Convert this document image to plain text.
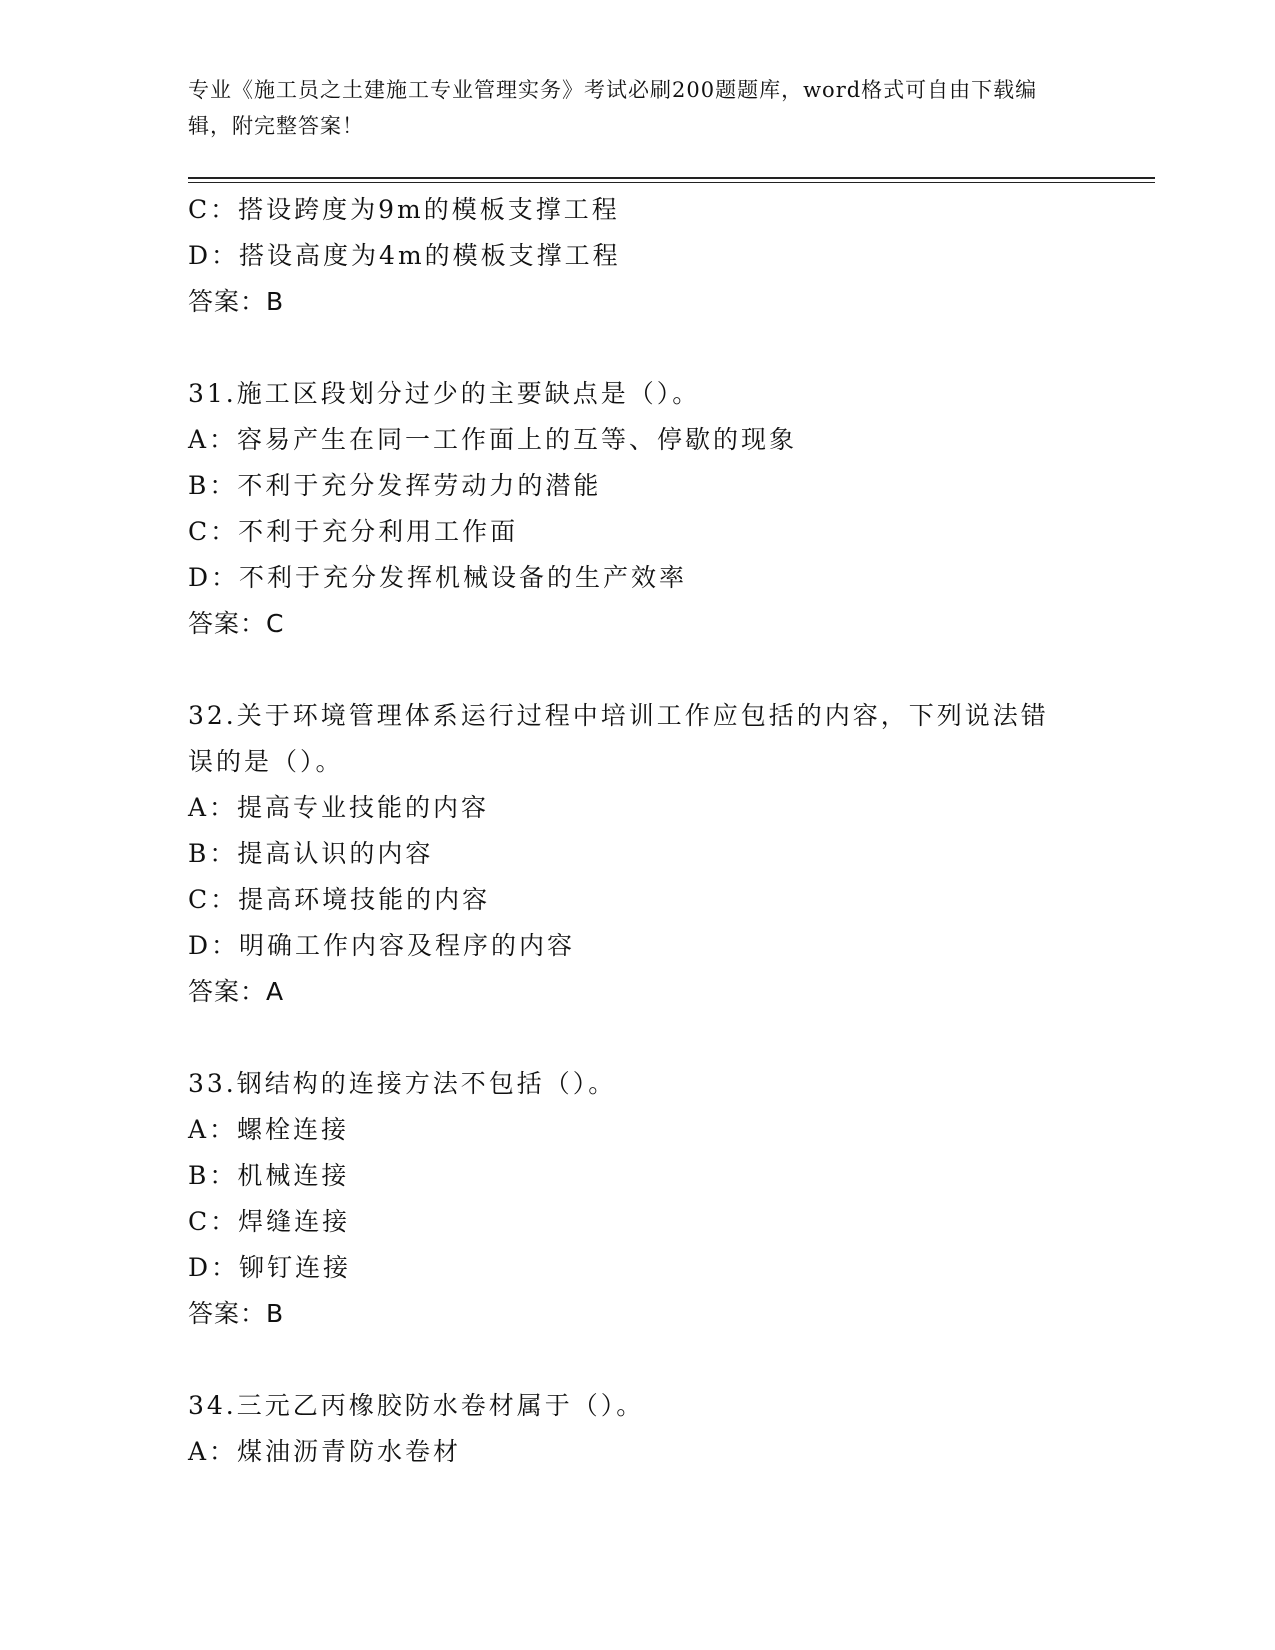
专业《施工员之土建施工专业管理实务》考试必刷200题题库，word格式可自由下载编辑，附完整答案！
C：搭设跨度为9m的模板支撑工程
D：搭设高度为4m的模板支撑工程
答案：B
31.施工区段划分过少的主要缺点是（）。
A：容易产生在同一工作面上的互等、停歇的现象
B：不利于充分发挥劳动力的潜能
C：不利于充分利用工作面
D：不利于充分发挥机械设备的生产效率
答案：C
32.关于环境管理体系运行过程中培训工作应包括的内容，下列说法错
误的是（）。
A：提高专业技能的内容
B：提高认识的内容
C：提高环境技能的内容
D：明确工作内容及程序的内容
答案：A
33.钢结构的连接方法不包括（）。
A：螺栓连接
B：机械连接
C：焊缝连接
D：铆钉连接
答案：B
34.三元乙丙橡胶防水卷材属于（）。
A：煤油沥青防水卷材
